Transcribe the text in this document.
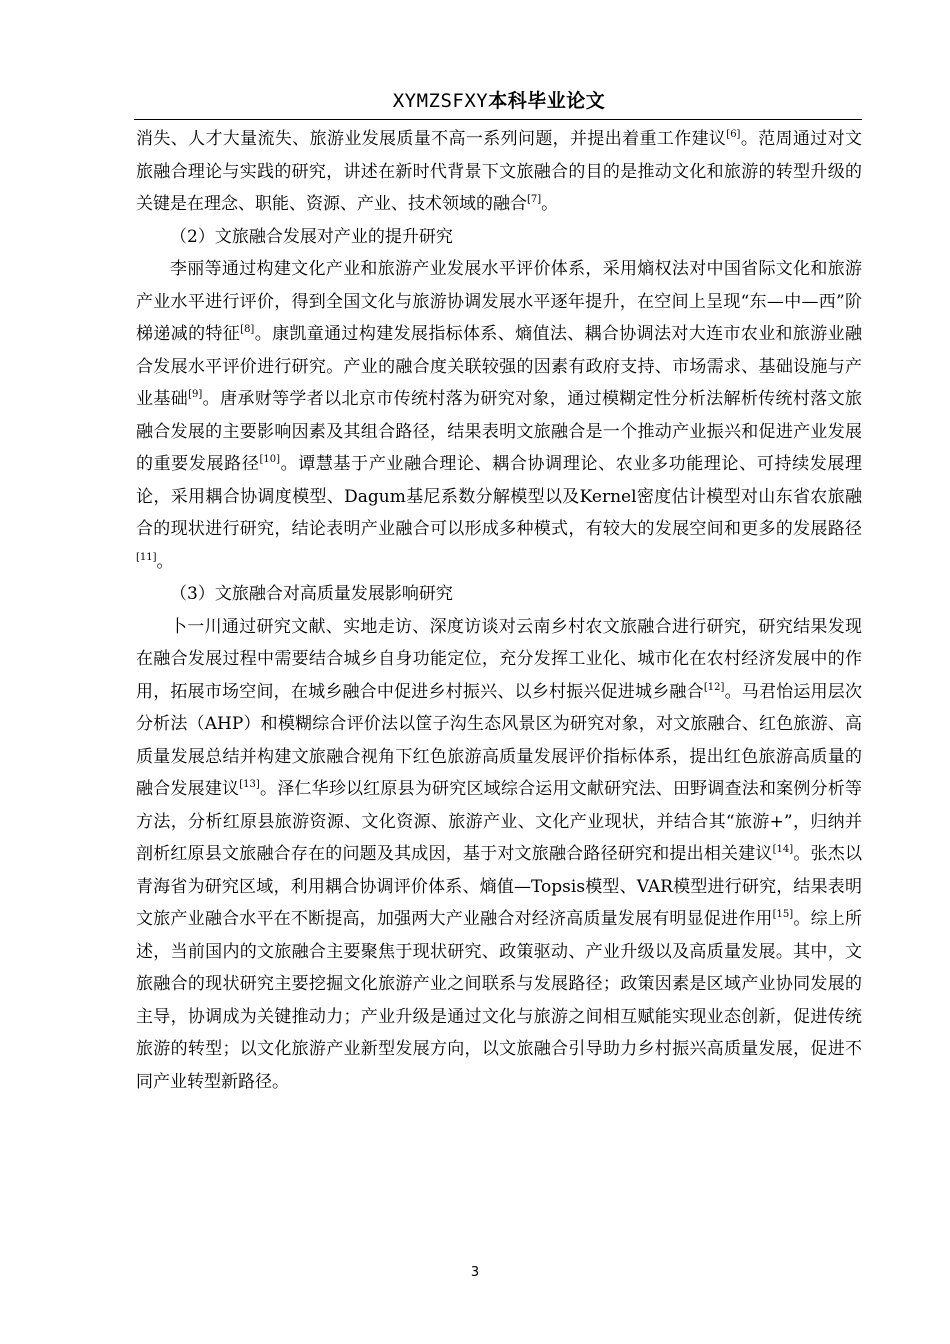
XYMZSFXY本科毕业论文

消失、人才大量流失、旅游业发展质量不高一系列问题，并提出着重工作建议[6]。范周通过对文旅融合理论与实践的研究，讲述在新时代背景下文旅融合的目的是推动文化和旅游的转型升级的关键是在理念、职能、资源、产业、技术领域的融合[7]。

（2）文旅融合发展对产业的提升研究

李丽等通过构建文化产业和旅游产业发展水平评价体系，采用熵权法对中国省际文化和旅游产业水平进行评价，得到全国文化与旅游协调发展水平逐年提升，在空间上呈现“东—中—西”阶梯递减的特征[8]。康凯童通过构建发展指标体系、熵值法、耦合协调法对大连市农业和旅游业融合发展水平评价进行研究。产业的融合度关联较强的因素有政府支持、市场需求、基础设施与产业基础[9]。唐承财等学者以北京市传统村落为研究对象，通过模糊定性分析法解析传统村落文旅融合发展的主要影响因素及其组合路径，结果表明文旅融合是一个推动产业振兴和促进产业发展的重要发展路径[10]。谭慧基于产业融合理论、耦合协调理论、农业多功能理论、可持续发展理论，采用耦合协调度模型、Dagum基尼系数分解模型以及Kernel密度估计模型对山东省农旅融合的现状进行研究，结论表明产业融合可以形成多种模式，有较大的发展空间和更多的发展路径[11]。

（3）文旅融合对高质量发展影响研究

卜一川通过研究文献、实地走访、深度访谈对云南乡村农文旅融合进行研究，研究结果发现在融合发展过程中需要结合城乡自身功能定位，充分发挥工业化、城市化在农村经济发展中的作用，拓展市场空间，在城乡融合中促进乡村振兴、以乡村振兴促进城乡融合[12]。马君怡运用层次分析法（AHP）和模糊综合评价法以筐子沟生态风景区为研究对象，对文旅融合、红色旅游、高质量发展总结并构建文旅融合视角下红色旅游高质量发展评价指标体系，提出红色旅游高质量的融合发展建议[13]。泽仁华珍以红原县为研究区域综合运用文献研究法、田野调查法和案例分析等方法，分析红原县旅游资源、文化资源、旅游产业、文化产业现状，并结合其“旅游+”，归纳并剖析红原县文旅融合存在的问题及其成因，基于对文旅融合路径研究和提出相关建议[14]。张杰以青海省为研究区域，利用耦合协调评价体系、熵值—Topsis模型、VAR模型进行研究，结果表明文旅产业融合水平在不断提高，加强两大产业融合对经济高质量发展有明显促进作用[15]。综上所述，当前国内的文旅融合主要聚焦于现状研究、政策驱动、产业升级以及高质量发展。其中，文旅融合的现状研究主要挖掘文化旅游产业之间联系与发展路径；政策因素是区域产业协同发展的主导，协调成为关键推动力；产业升级是通过文化与旅游之间相互赋能实现业态创新，促进传统旅游的转型；以文化旅游产业新型发展方向，以文旅融合引导助力乡村振兴高质量发展，促进不同产业转型新路径。

3
